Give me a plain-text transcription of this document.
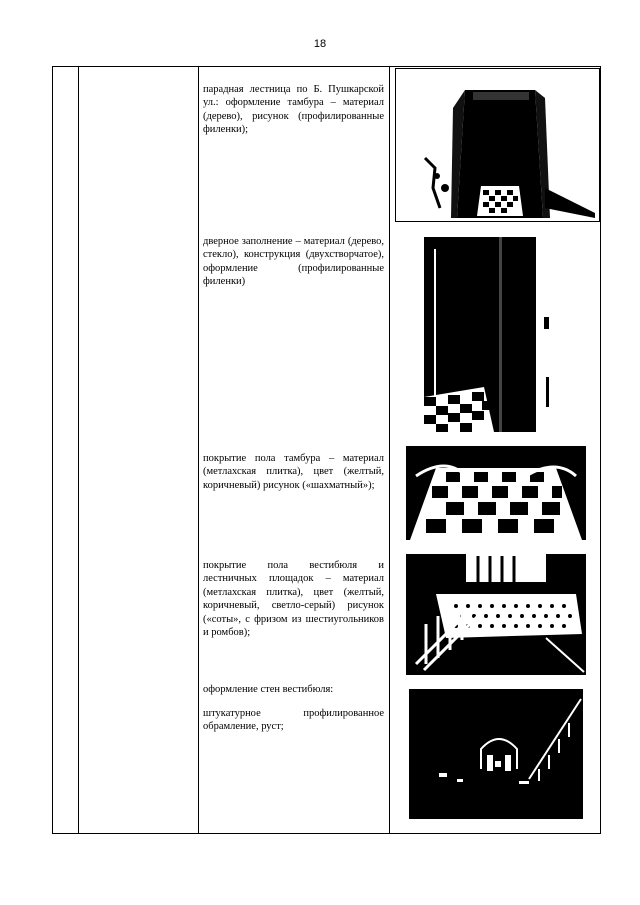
18
парадная лестница по Б. Пушкарской ул.: оформление тамбура – материал (дерево), рисунок (профилированные филенки);
дверное заполнение – материал (дерево, стекло), конструкция (двухстворчатое), оформление (профилированные филенки)
покрытие пола тамбура – материал (метлахская плитка), цвет (желтый, коричневый) рисунок («шахматный»);
покрытие пола вестибюля и лестничных площадок – материал (метлахская плитка), цвет (желтый, коричневый, светло-серый) рисунок («соты», с фризом из шестиугольников и ромбов);
оформление стен вестибюля:
штукатурное профилированное обрамление, руст;
